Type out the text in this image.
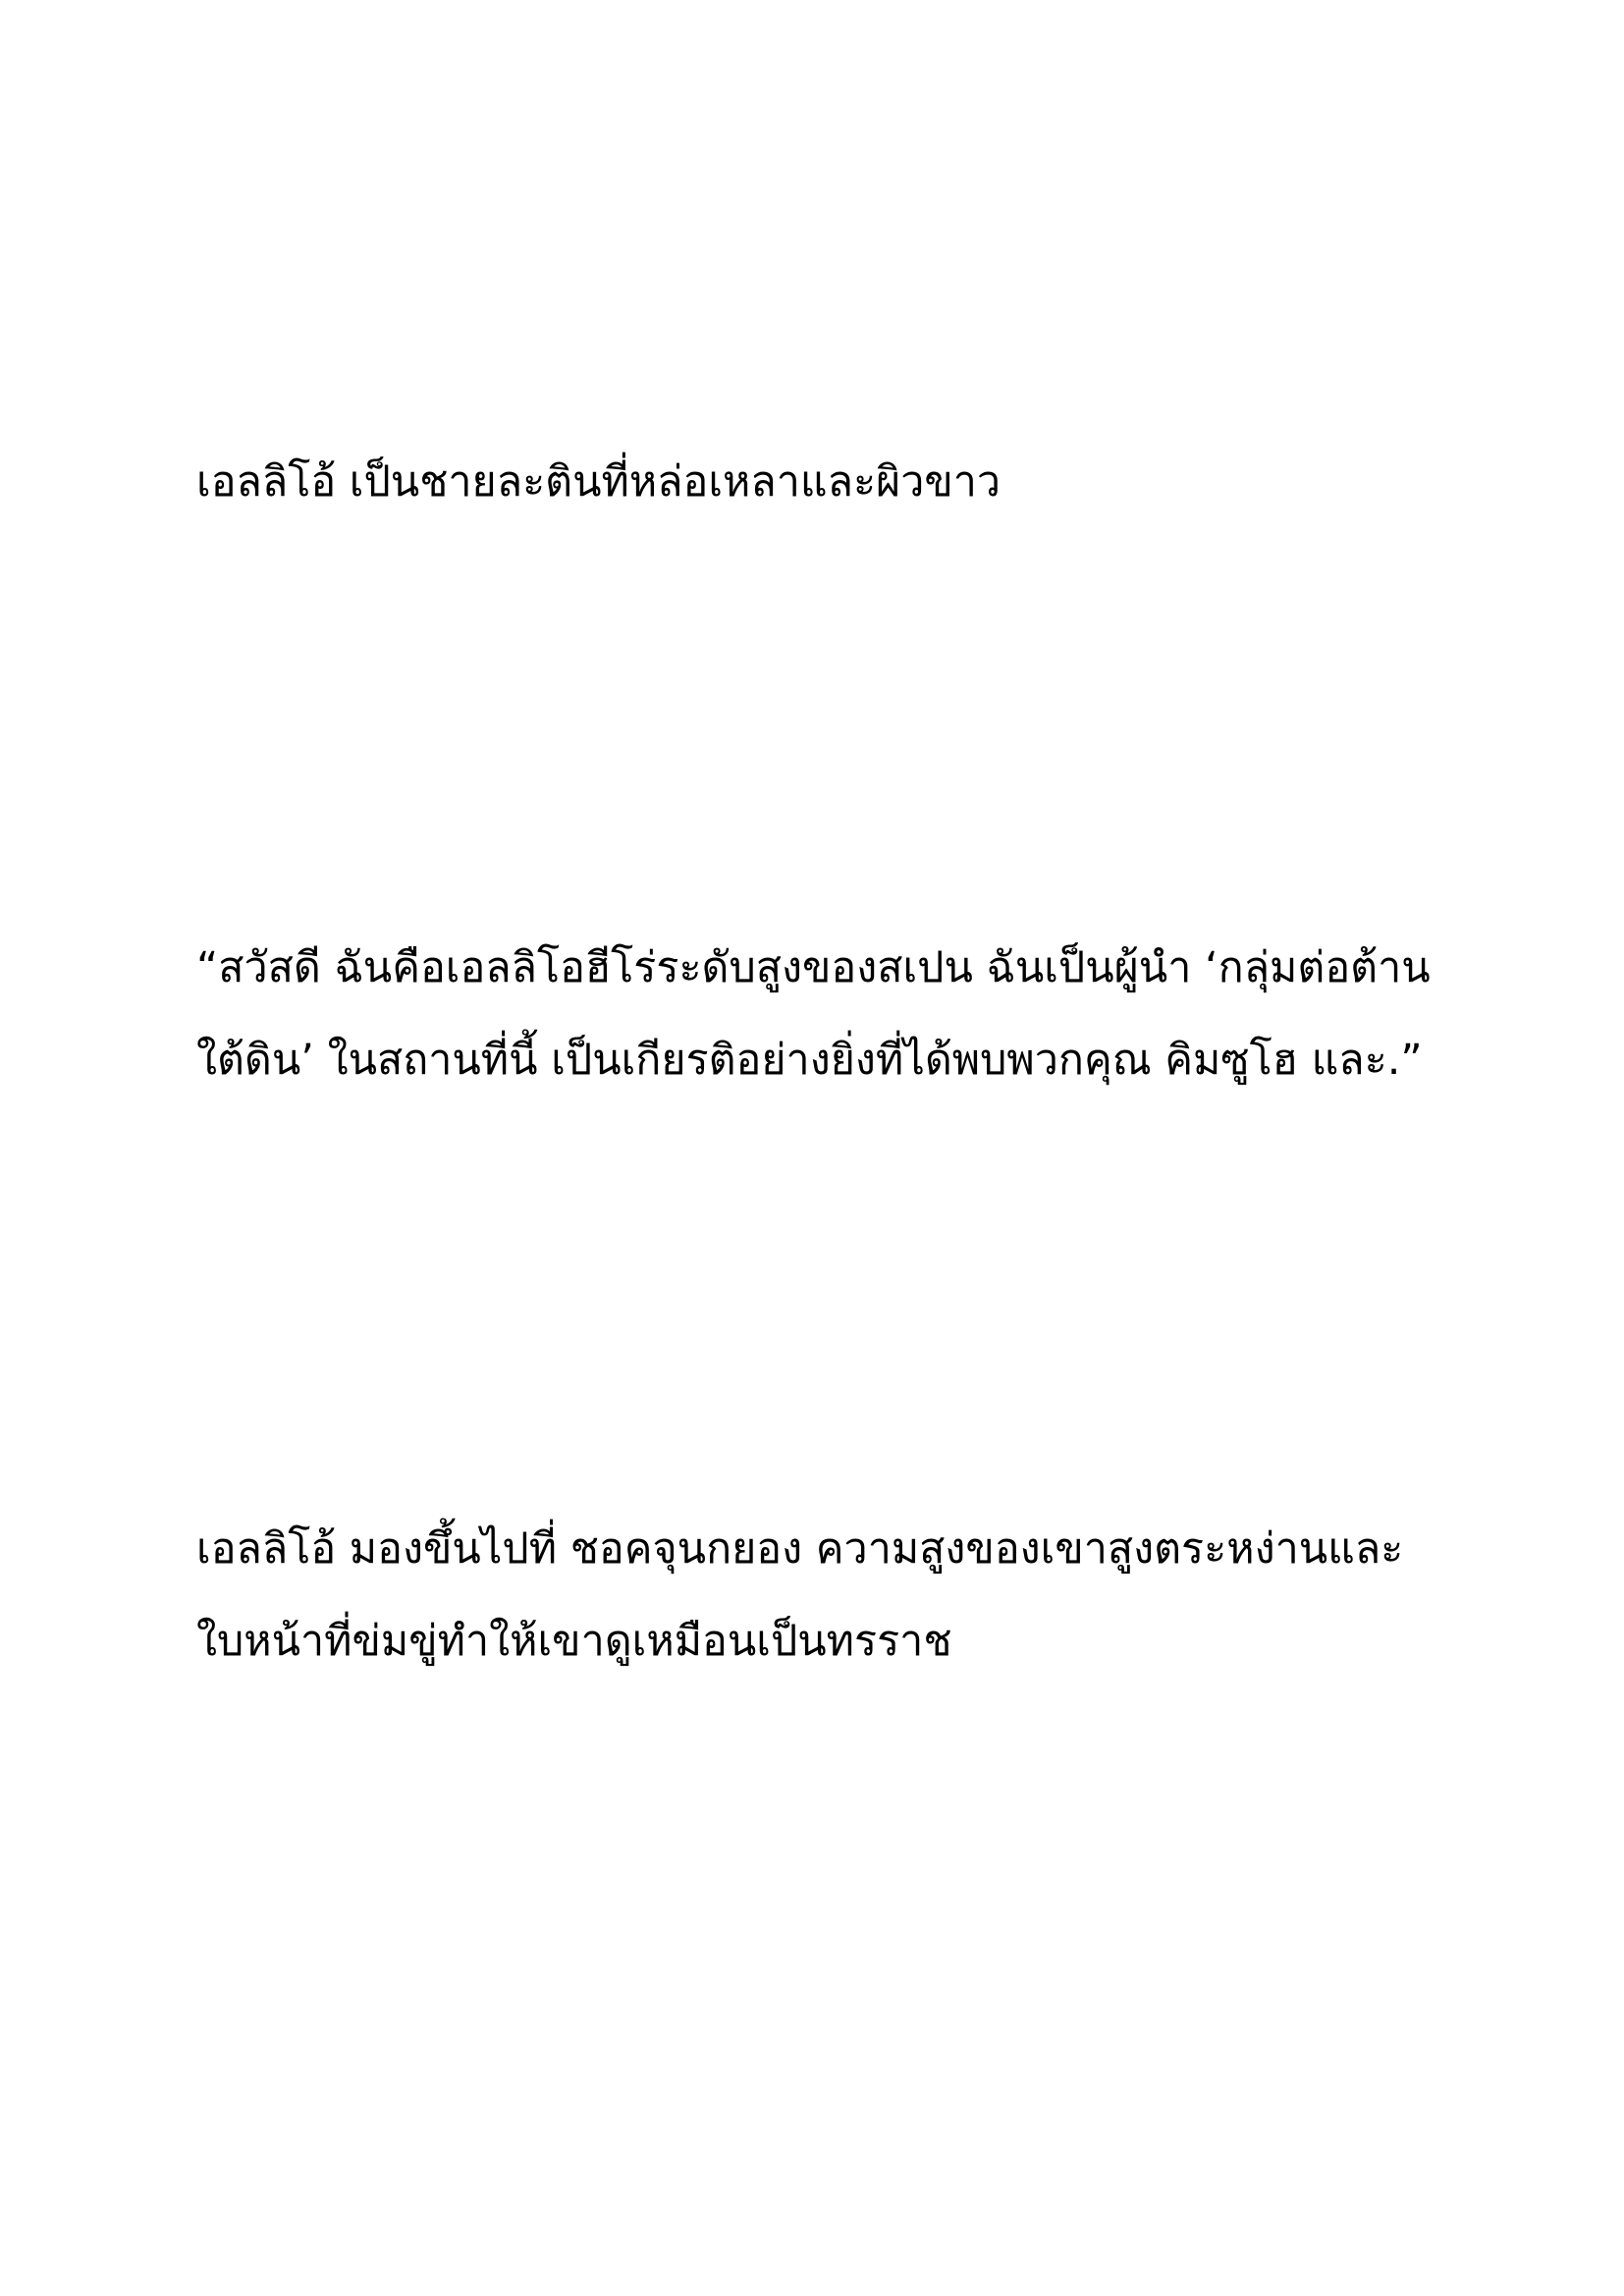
เอลลิโอ้ เป็นชายละตินที่หล่อเหลาและผิวขาว

“สวัสดี ฉันคือเอลลิโอฮีโร่ระดับสูงของสเปน ฉันเป็นผู้นำ ‘กลุ่มต่อต้าน

ใต้ดิน’ ในสถานที่นี้ เป็นเกียรติอย่างยิ่งที่ได้พบพวกคุณ คิมซูโฮ และ.”

เอลลิโอ้ มองขึ้นไปที่ ชอคจุนกยอง ความสูงของเขาสูงตระหง่านและ

ใบหน้าที่ข่มขู่ทำให้เขาดูเหมือนเป็นทรราช
